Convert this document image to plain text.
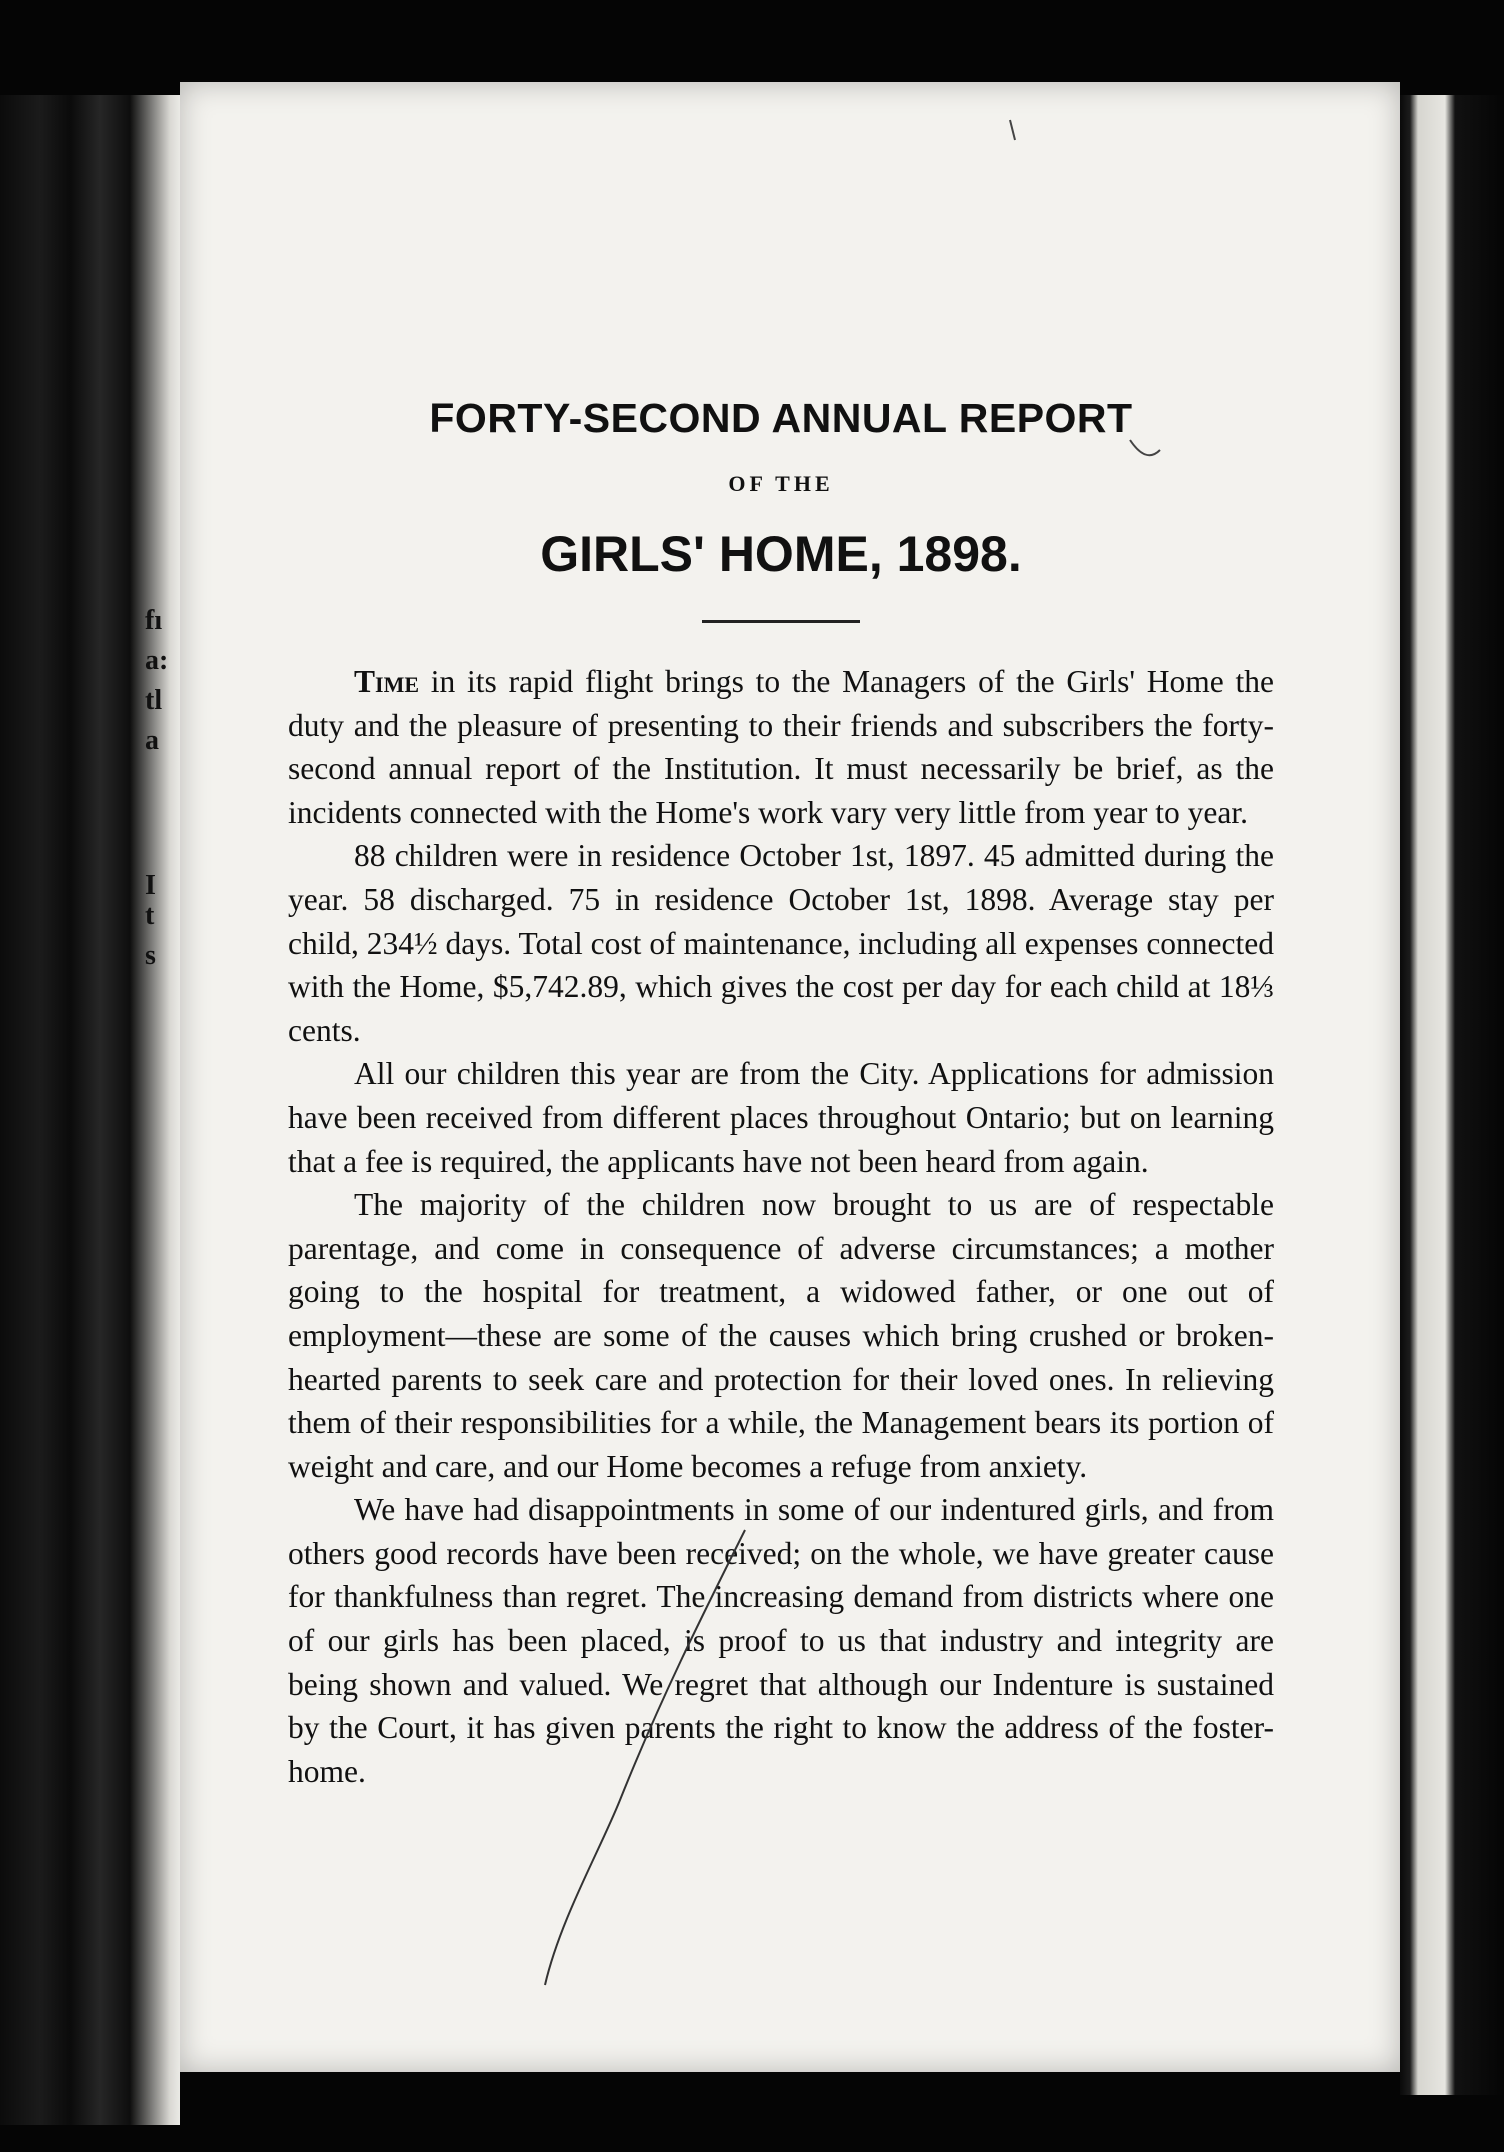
fı
a:
tl
a
I
t
s
FORTY-SECOND ANNUAL REPORT
OF THE
GIRLS' HOME, 1898.

Time in its rapid flight brings to the Managers of the Girls' Home the duty and the pleasure of presenting to their friends and subscribers the forty-second annual report of the Institution. It must necessarily be brief, as the incidents connected with the Home's work vary very little from year to year.

88 children were in residence October 1st, 1897. 45 admitted during the year. 58 discharged. 75 in residence October 1st, 1898. Average stay per child, 234½ days. Total cost of maintenance, including all expenses connected with the Home, $5,742.89, which gives the cost per day for each child at 18⅓ cents.

All our children this year are from the City. Applications for admission have been received from different places throughout Ontario; but on learning that a fee is required, the applicants have not been heard from again.

The majority of the children now brought to us are of respectable parentage, and come in consequence of adverse circumstances; a mother going to the hospital for treatment, a widowed father, or one out of employment—these are some of the causes which bring crushed or broken-hearted parents to seek care and protection for their loved ones. In relieving them of their responsibilities for a while, the Management bears its portion of weight and care, and our Home becomes a refuge from anxiety.

We have had disappointments in some of our indentured girls, and from others good records have been received; on the whole, we have greater cause for thankfulness than regret. The increasing demand from districts where one of our girls has been placed, is proof to us that industry and integrity are being shown and valued. We regret that although our Indenture is sustained by the Court, it has given parents the right to know the address of the foster-home.
